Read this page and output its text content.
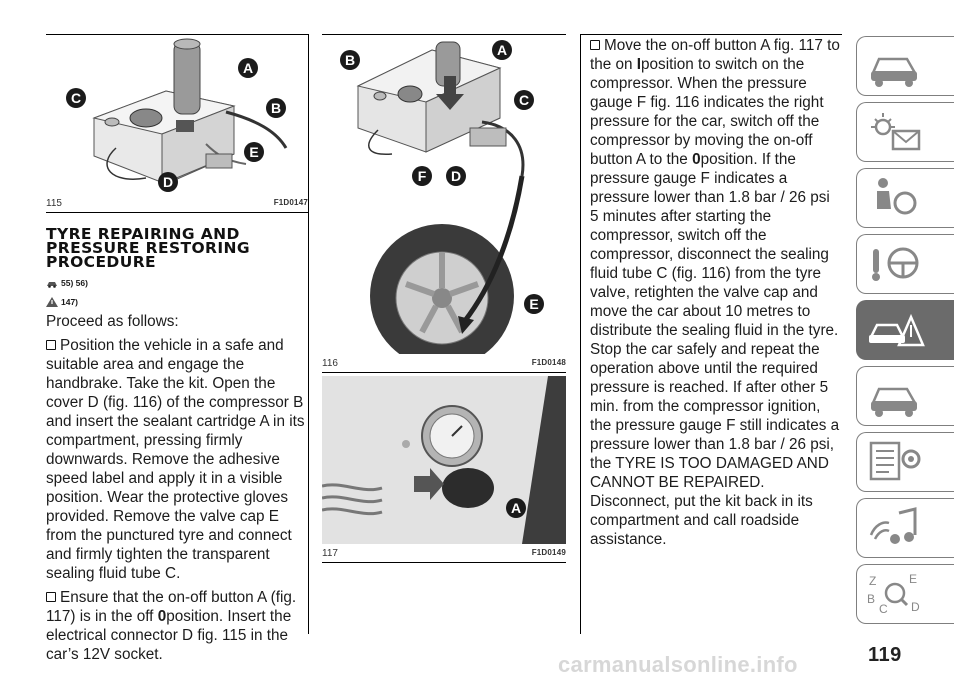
A
B
C
D
E
115	F1D0147
TYRE REPAIRING AND PRESSURE RESTORING PROCEDURE
55) 56)
147)

Proceed as follows:

Position the vehicle in a safe and suitable area and engage the handbrake. Take the kit. Open the cover D (fig. 116) of the compressor B and insert the sealant cartridge A in its compartment, pressing firmly downwards. Remove the adhesive speed label and apply it in a visible position. Wear the protective gloves provided. Remove the valve cap E from the punctured tyre and connect and firmly tighten the transparent sealing fluid tube C.

Ensure that the on-off button A (fig. 117) is in the off 0position. Insert the electrical connector D fig. 115 in the car’s 12V socket.

A
B
C
D
E
F
116	F1D0148
A
117	F1D0149

Move the on-off button A fig. 117 to the on Iposition to switch on the compressor. When the pressure gauge F fig. 116 indicates the right pressure for the car, switch off the compressor by moving the on-off button A to the 0position. If the pressure gauge F indicates a pressure lower than 1.8 bar / 26 psi 5 minutes after starting the compressor, switch off the compressor, disconnect the sealing fluid tube C (fig. 116) from the tyre valve, retighten the valve cap and move the car about 10 metres to distribute the sealing fluid in the tyre. Stop the car safely and repeat the operation above until the required pressure is reached. If after other 5 min. from the compressor ignition, the pressure gauge F still indicates a pressure lower than 1.8 bar / 26 psi, the TYRE IS TOO DAMAGED AND CANNOT BE REPAIRED. Disconnect, put the kit back in its compartment and call roadside assistance.

Z	E
B
C D
119
carmanualsonline.info
